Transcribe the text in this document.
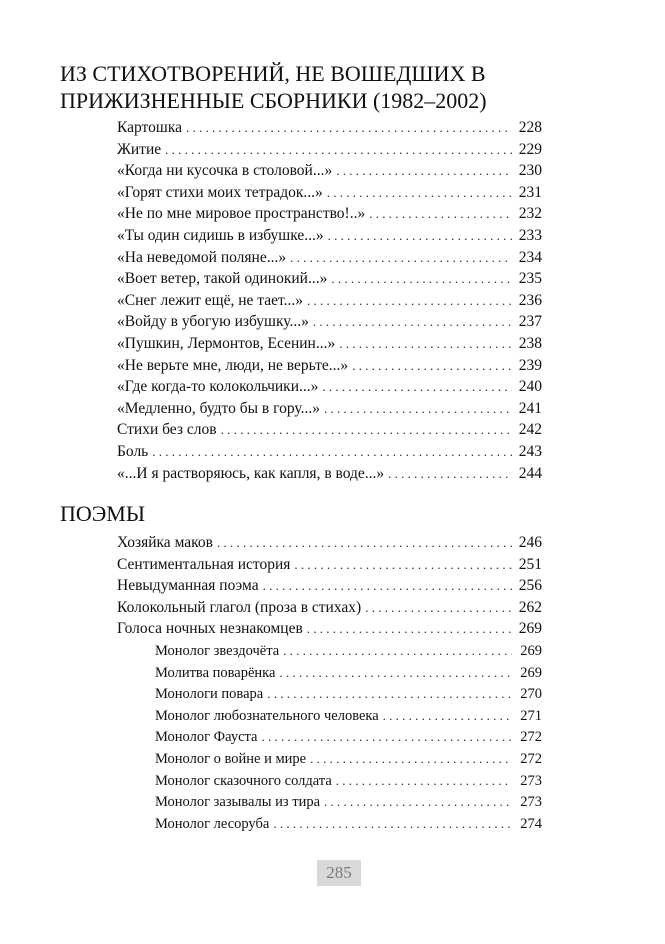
ИЗ СТИХОТВОРЕНИЙ, НЕ ВОШЕДШИХ В ПРИЖИЗНЕННЫЕ СБОРНИКИ (1982–2002)
Картошка . . .	228
Житие . . .	229
«Когда ни кусочка в столовой...» . . .	230
«Горят стихи моих тетрадок...» . . .	231
«Не по мне мировое пространство!..» . . .	232
«Ты один сидишь в избушке...» . . .	233
«На неведомой поляне...» . . .	234
«Воет ветер, такой одинокий...» . . .	235
«Снег лежит ещё, не тает...» . . .	236
«Войду в убогую избушку...» . . .	237
«Пушкин, Лермонтов, Есенин...» . . .	238
«Не верьте мне, люди, не верьте...» . . .	239
«Где когда-то колокольчики...» . . .	240
«Медленно, будто бы в гору...» . . .	241
Стихи без слов . . .	242
Боль . . .	243
«...И я растворяюсь, как капля, в воде...» . . .	244
ПОЭМЫ
Хозяйка маков . . .	246
Сентиментальная история . . .	251
Невыдуманная поэма . . .	256
Колокольный глагол (проза в стихах) . . .	262
Голоса ночных незнакомцев . . .	269
Монолог звездочёта . . .	269
Молитва поварёнка . . .	269
Монологи повара . . .	270
Монолог любознательного человека . . .	271
Монолог Фауста . . .	272
Монолог о войне и мире . . .	272
Монолог сказочного солдата . . .	273
Монолог зазывалы из тира . . .	273
Монолог лесоруба . . .	274
285
